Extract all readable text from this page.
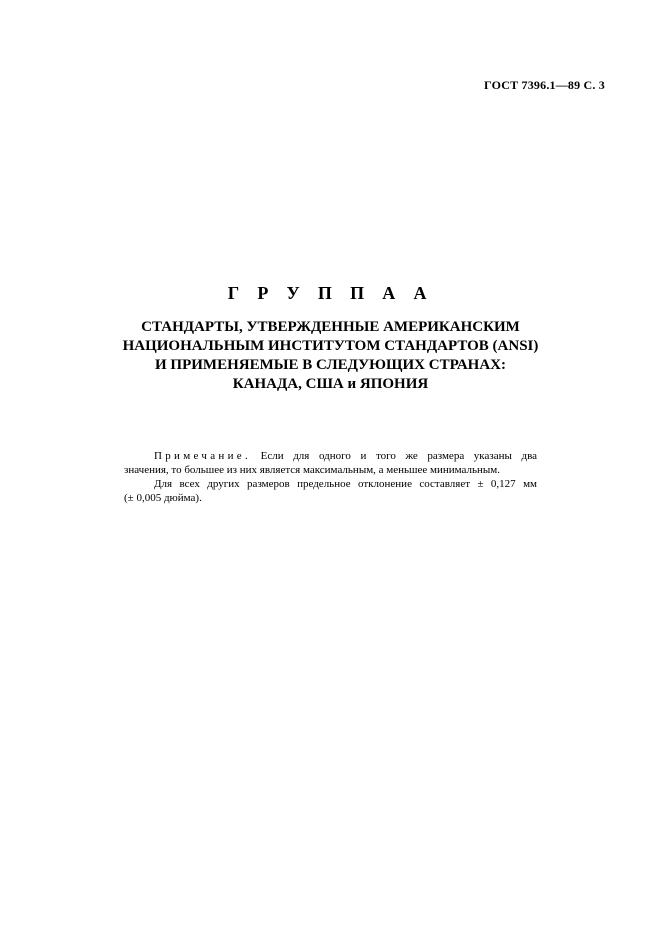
ГОСТ 7396.1—89 С. 3
Г Р У П П А А
СТАНДАРТЫ, УТВЕРЖДЕННЫЕ АМЕРИКАНСКИМ
НАЦИОНАЛЬНЫМ ИНСТИТУТОМ СТАНДАРТОВ (ANSI)
И ПРИМЕНЯЕМЫЕ В СЛЕДУЮЩИХ СТРАНАХ:
КАНАДА, США и ЯПОНИЯ
Примечание. Если для одного и того же размера указаны два
значения, то большее из них является максимальным, а меньшее минимальным.
Для всех других размеров предельное отклонение составляет ± 0,127 мм
(± 0,005 дюйма).
